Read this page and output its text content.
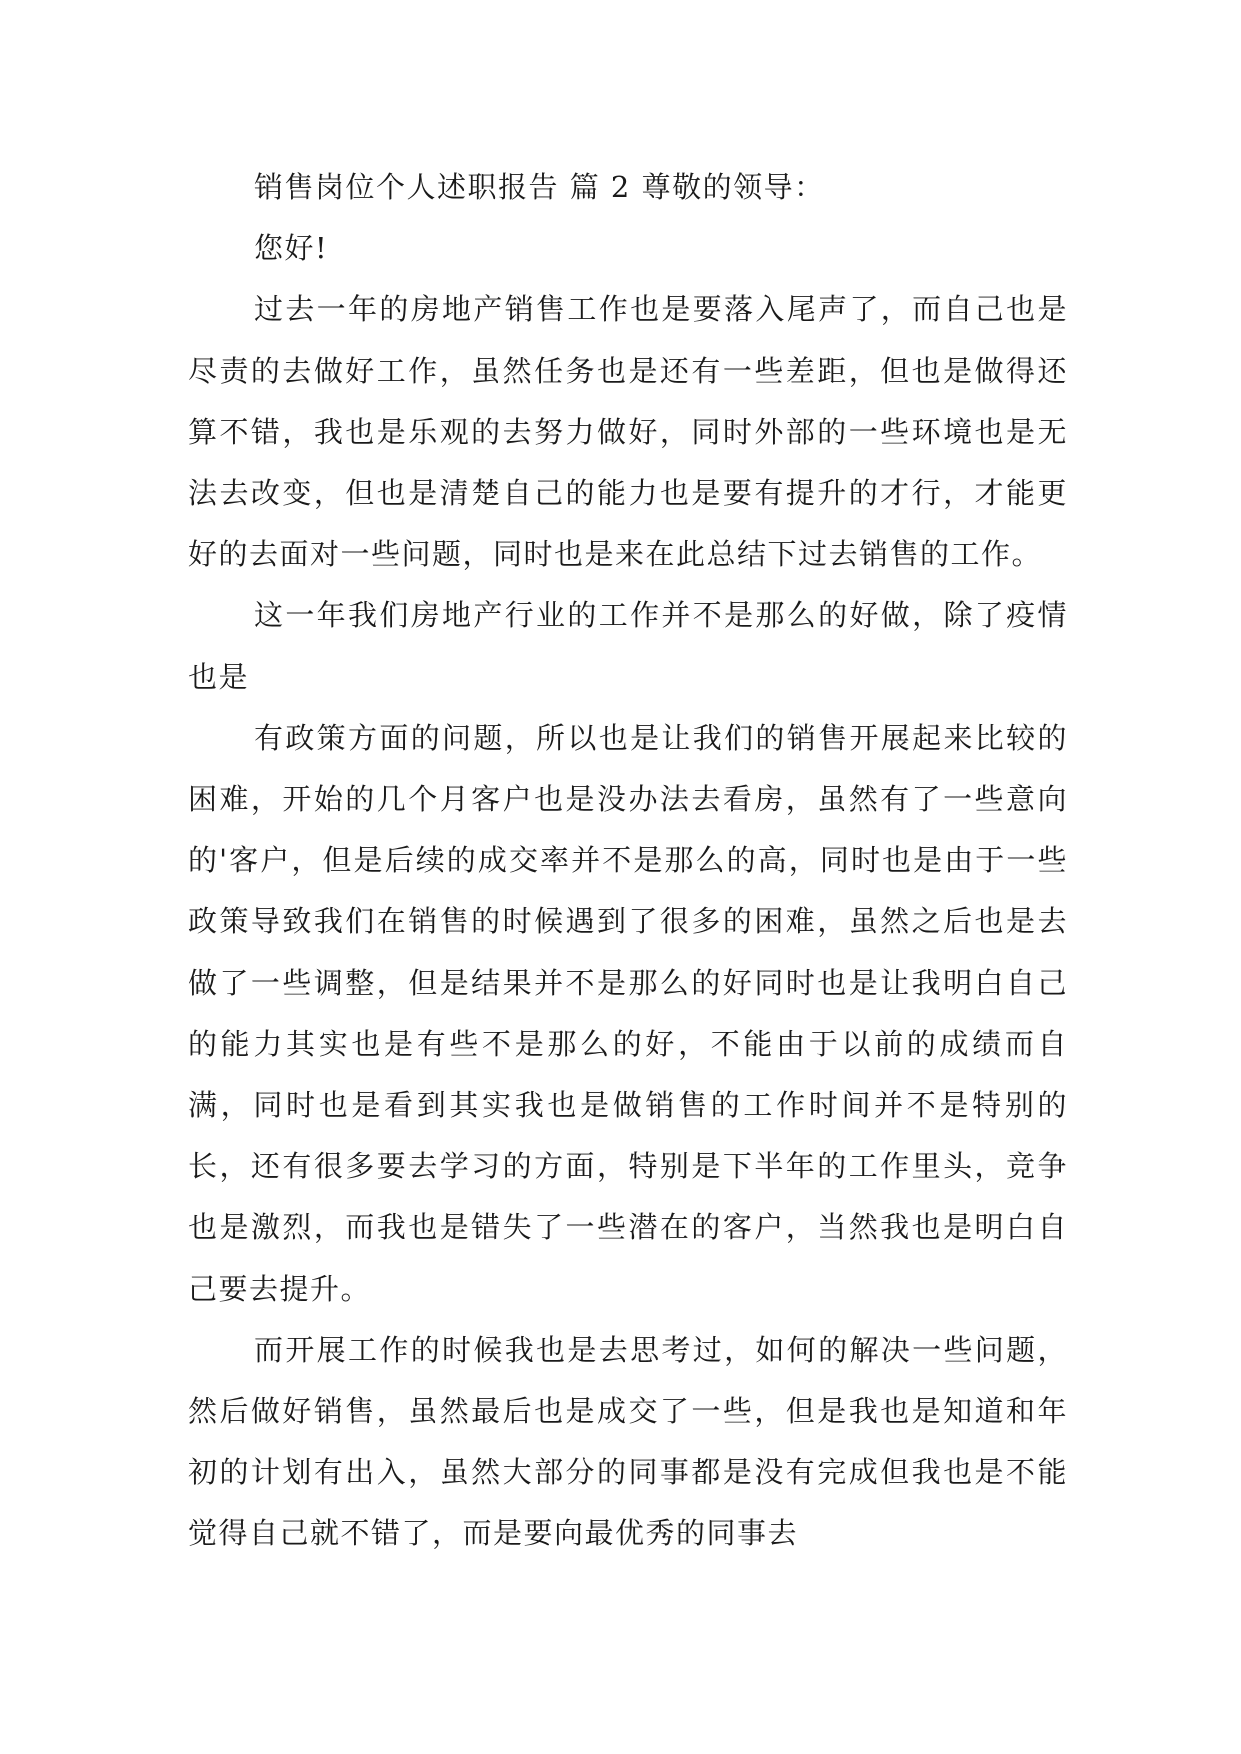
销售岗位个人述职报告 篇 2 尊敬的领导：

您好!

过去一年的房地产销售工作也是要落入尾声了，而自己也是尽责的去做好工作，虽然任务也是还有一些差距，但也是做得还算不错，我也是乐观的去努力做好，同时外部的一些环境也是无法去改变，但也是清楚自己的能力也是要有提升的才行，才能更好的去面对一些问题，同时也是来在此总结下过去销售的工作。

这一年我们房地产行业的工作并不是那么的好做，除了疫情也是

有政策方面的问题，所以也是让我们的销售开展起来比较的困难，开始的几个月客户也是没办法去看房，虽然有了一些意向的'客户，但是后续的成交率并不是那么的高，同时也是由于一些政策导致我们在销售的时候遇到了很多的困难，虽然之后也是去做了一些调整，但是结果并不是那么的好同时也是让我明白自己的能力其实也是有些不是那么的好，不能由于以前的成绩而自满，同时也是看到其实我也是做销售的工作时间并不是特别的长，还有很多要去学习的方面，特别是下半年的工作里头，竞争也是激烈，而我也是错失了一些潜在的客户，当然我也是明白自己要去提升。

而开展工作的时候我也是去思考过，如何的解决一些问题，然后做好销售，虽然最后也是成交了一些，但是我也是知道和年初的计划有出入，虽然大部分的同事都是没有完成但我也是不能觉得自己就不错了，而是要向最优秀的同事去
